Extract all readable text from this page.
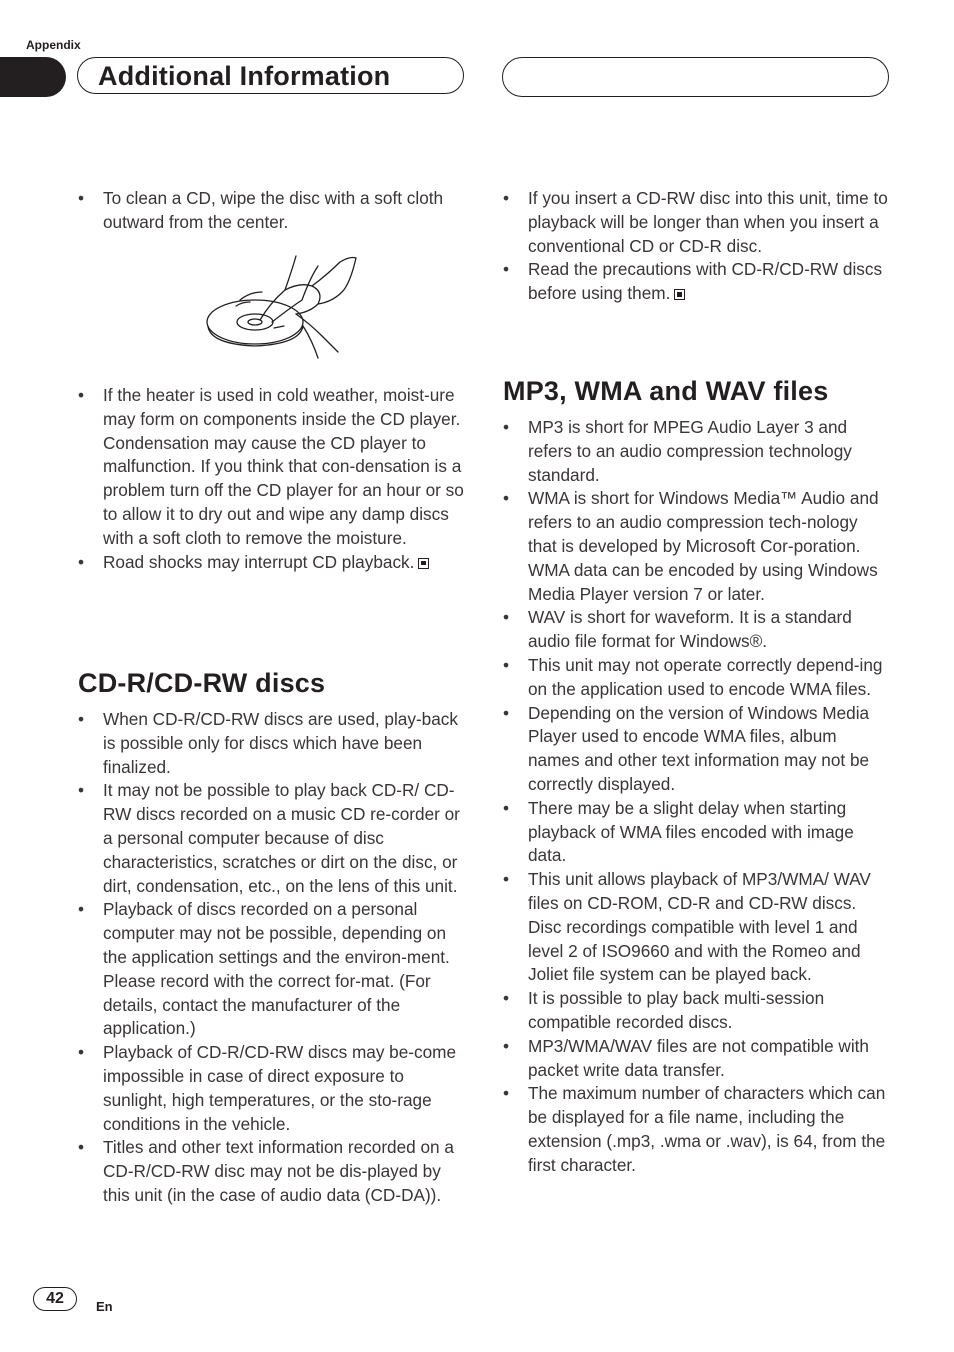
Appendix
Additional Information
• To clean a CD, wipe the disc with a soft cloth outward from the center.
• If the heater is used in cold weather, moist-ure may form on components inside the CD player. Condensation may cause the CD player to malfunction. If you think that con-densation is a problem turn off the CD player for an hour or so to allow it to dry out and wipe any damp discs with a soft cloth to remove the moisture.
• Road shocks may interrupt CD playback.
CD-R/CD-RW discs
• When CD-R/CD-RW discs are used, play-back is possible only for discs which have been finalized.
• It may not be possible to play back CD-R/ CD-RW discs recorded on a music CD re-corder or a personal computer because of disc characteristics, scratches or dirt on the disc, or dirt, condensation, etc., on the lens of this unit.
• Playback of discs recorded on a personal computer may not be possible, depending on the application settings and the environ-ment. Please record with the correct for-mat. (For details, contact the manufacturer of the application.)
• Playback of CD-R/CD-RW discs may be-come impossible in case of direct exposure to sunlight, high temperatures, or the sto-rage conditions in the vehicle.
• Titles and other text information recorded on a CD-R/CD-RW disc may not be dis-played by this unit (in the case of audio data (CD-DA)).
• If you insert a CD-RW disc into this unit, time to playback will be longer than when you insert a conventional CD or CD-R disc.
• Read the precautions with CD-R/CD-RW discs before using them.
MP3, WMA and WAV files
• MP3 is short for MPEG Audio Layer 3 and refers to an audio compression technology standard.
• WMA is short for Windows Media™ Audio and refers to an audio compression tech-nology that is developed by Microsoft Cor-poration. WMA data can be encoded by using Windows Media Player version 7 or later.
• WAV is short for waveform. It is a standard audio file format for Windows®.
• This unit may not operate correctly depend-ing on the application used to encode WMA files.
• Depending on the version of Windows Media Player used to encode WMA files, album names and other text information may not be correctly displayed.
• There may be a slight delay when starting playback of WMA files encoded with image data.
• This unit allows playback of MP3/WMA/ WAV files on CD-ROM, CD-R and CD-RW discs. Disc recordings compatible with level 1 and level 2 of ISO9660 and with the Romeo and Joliet file system can be played back.
• It is possible to play back multi-session compatible recorded discs.
• MP3/WMA/WAV files are not compatible with packet write data transfer.
• The maximum number of characters which can be displayed for a file name, including the extension (.mp3, .wma or .wav), is 64, from the first character.
42	En
